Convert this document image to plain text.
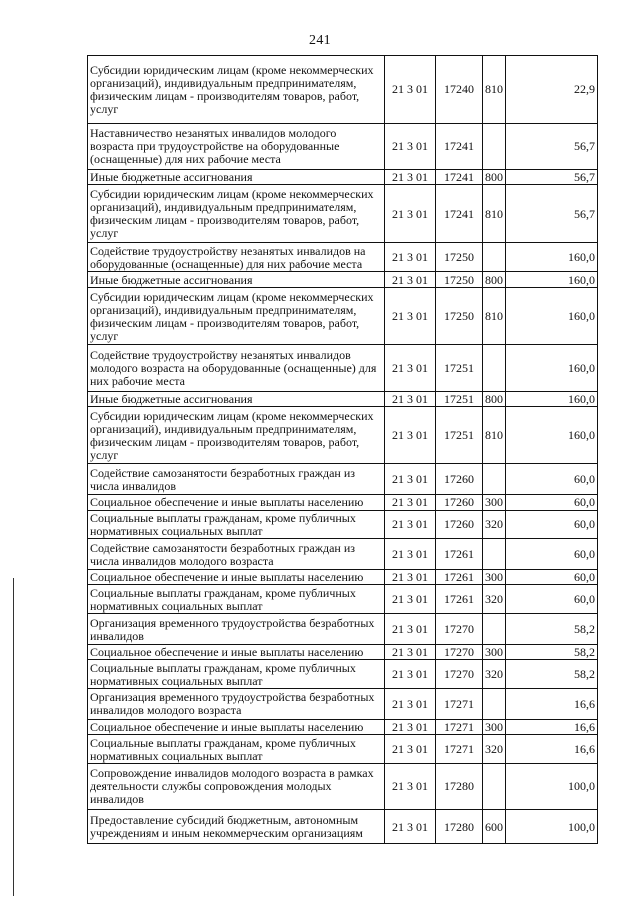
241
Субсидии юридическим лицам (кроме некоммерческих организаций), индивидуальным предпринимателям, физическим лицам - производителям товаров, работ, услуг	21 3 01	17240	810	22,9
Наставничество незанятых инвалидов молодого возраста при трудоустройстве на оборудованные (оснащенные) для них рабочие места	21 3 01	17241		56,7
Иные бюджетные ассигнования	21 3 01	17241	800	56,7
Субсидии юридическим лицам (кроме некоммерческих организаций), индивидуальным предпринимателям, физическим лицам - производителям товаров, работ, услуг	21 3 01	17241	810	56,7
Содействие трудоустройству незанятых инвалидов на оборудованные (оснащенные) для них рабочие места	21 3 01	17250		160,0
Иные бюджетные ассигнования	21 3 01	17250	800	160,0
Субсидии юридическим лицам (кроме некоммерческих организаций), индивидуальным предпринимателям, физическим лицам - производителям товаров, работ, услуг	21 3 01	17250	810	160,0
Содействие трудоустройству незанятых инвалидов молодого возраста на оборудованные (оснащенные) для них рабочие места	21 3 01	17251		160,0
Иные бюджетные ассигнования	21 3 01	17251	800	160,0
Субсидии юридическим лицам (кроме некоммерческих организаций), индивидуальным предпринимателям, физическим лицам - производителям товаров, работ, услуг	21 3 01	17251	810	160,0
Содействие самозанятости безработных граждан из числа инвалидов	21 3 01	17260		60,0
Социальное обеспечение и иные выплаты населению	21 3 01	17260	300	60,0
Социальные выплаты гражданам, кроме публичных нормативных социальных выплат	21 3 01	17260	320	60,0
Содействие самозанятости безработных граждан из числа инвалидов молодого возраста	21 3 01	17261		60,0
Социальное обеспечение и иные выплаты населению	21 3 01	17261	300	60,0
Социальные выплаты гражданам, кроме публичных нормативных социальных выплат	21 3 01	17261	320	60,0
Организация временного трудоустройства безработных инвалидов	21 3 01	17270		58,2
Социальное обеспечение и иные выплаты населению	21 3 01	17270	300	58,2
Социальные выплаты гражданам, кроме публичных нормативных социальных выплат	21 3 01	17270	320	58,2
Организация временного трудоустройства безработных инвалидов молодого возраста	21 3 01	17271		16,6
Социальное обеспечение и иные выплаты населению	21 3 01	17271	300	16,6
Социальные выплаты гражданам, кроме публичных нормативных социальных выплат	21 3 01	17271	320	16,6
Сопровождение инвалидов молодого возраста в рамках деятельности службы сопровождения молодых инвалидов	21 3 01	17280		100,0
Предоставление субсидий бюджетным, автономным учреждениям и иным некоммерческим организациям	21 3 01	17280	600	100,0
